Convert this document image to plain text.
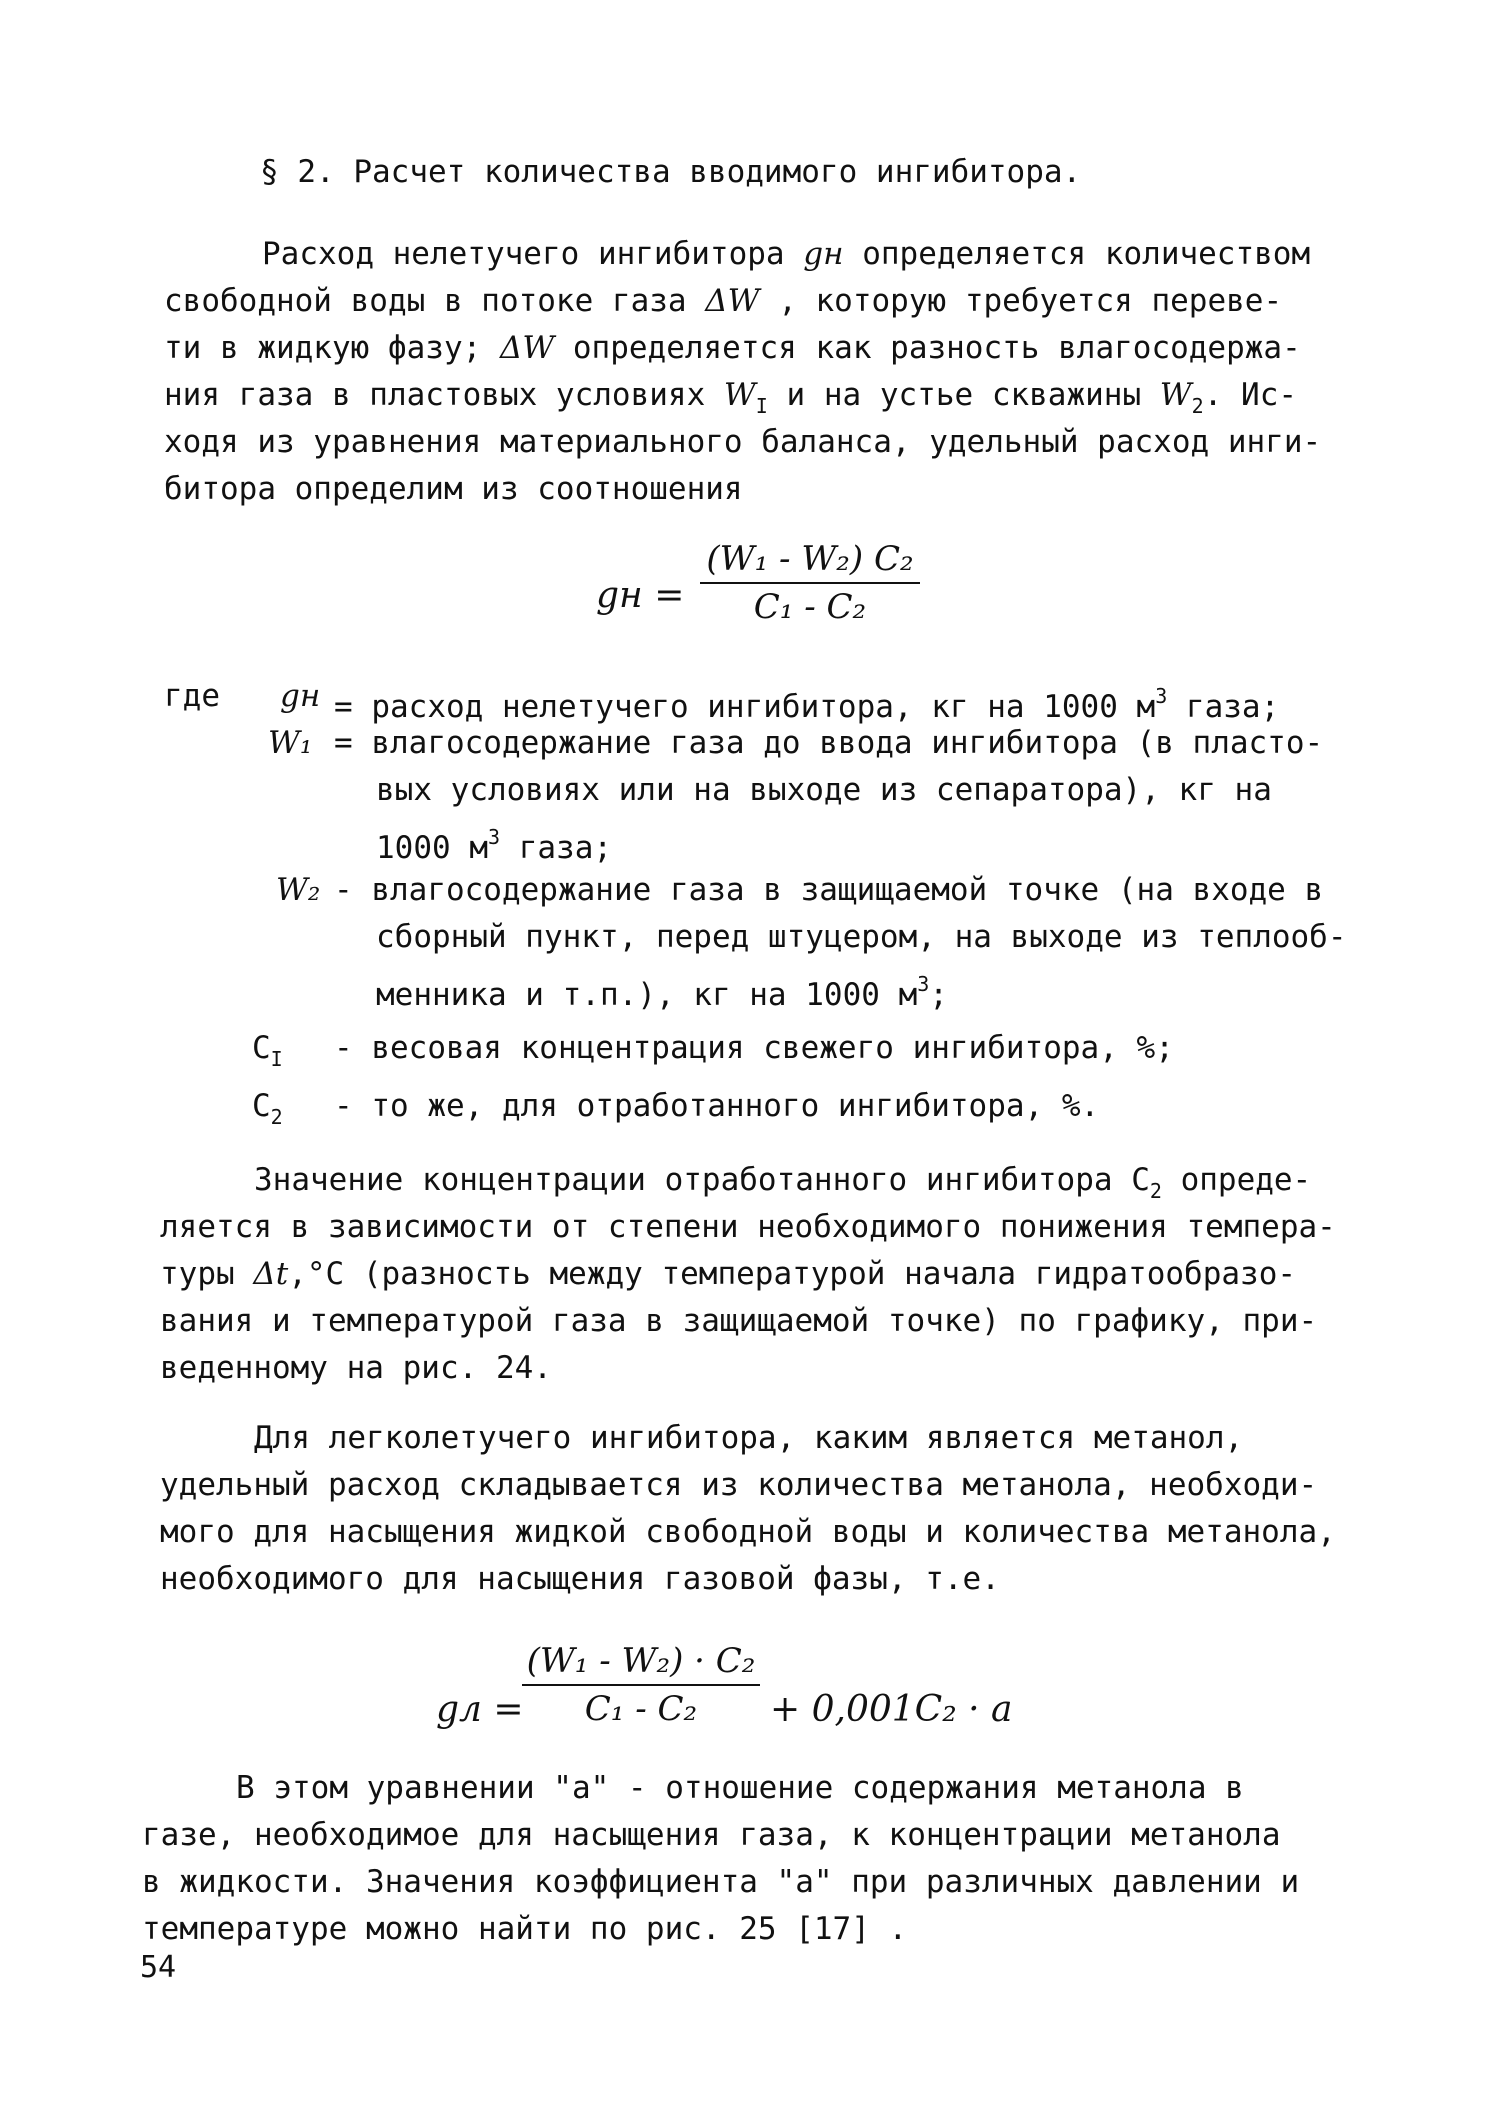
§ 2. Расчет количества вводимого ингибитора.
Расход нелетучего ингибитора gн определяется количеством
свободной воды в потоке газа ΔW , которую требуется переве-
ти в жидкую фазу; ΔW определяется как разность влагосодержа-
ния газа в пластовых условиях $W_I$ и на устье скважины $W_2$. Ис-
ходя из уравнения материального баланса, удельный расход инги-
битора определим из соотношения
gн =
(W₁ - W₂) C₂
C₁ - C₂
где gн = расход нелетучего ингибитора, кг на 1000 $м^3$ газа;
W₁ = влагосодержание газа до ввода ингибитора (в пласто-
вых условиях или на выходе из сепаратора), кг на
1000 $м^3$ газа;
W₂ - влагосодержание газа в защищаемой точке (на входе в
сборный пункт, перед штуцером, на выходе из теплооб-
менника и т.п.), кг на 1000 $м^3$;
$C_I$ - весовая концентрация свежего ингибитора, %;
$C_2$ - то же, для отработанного ингибитора, %.
Значение концентрации отработанного ингибитора $C_2$ опреде-
ляется в зависимости от степени необходимого понижения темпера-
туры Δt,°C (разность между температурой начала гидратообразо-
вания и температурой газа в защищаемой точке) по графику, при-
веденному на рис. 24.
Для легколетучего ингибитора, каким является метанол,
удельный расход складывается из количества метанола, необходи-
мого для насыщения жидкой свободной воды и количества метанола,
необходимого для насыщения газовой фазы, т.е.
gл =
(W₁ - W₂) · C₂
C₁ - C₂	+ 0,001C₂ · a
В этом уравнении "а" - отношение содержания метанола в
газе, необходимое для насыщения газа, к концентрации метанола
в жидкости. Значения коэффициента "а" при различных давлении и
температуре можно найти по рис. 25 [17] .
54
